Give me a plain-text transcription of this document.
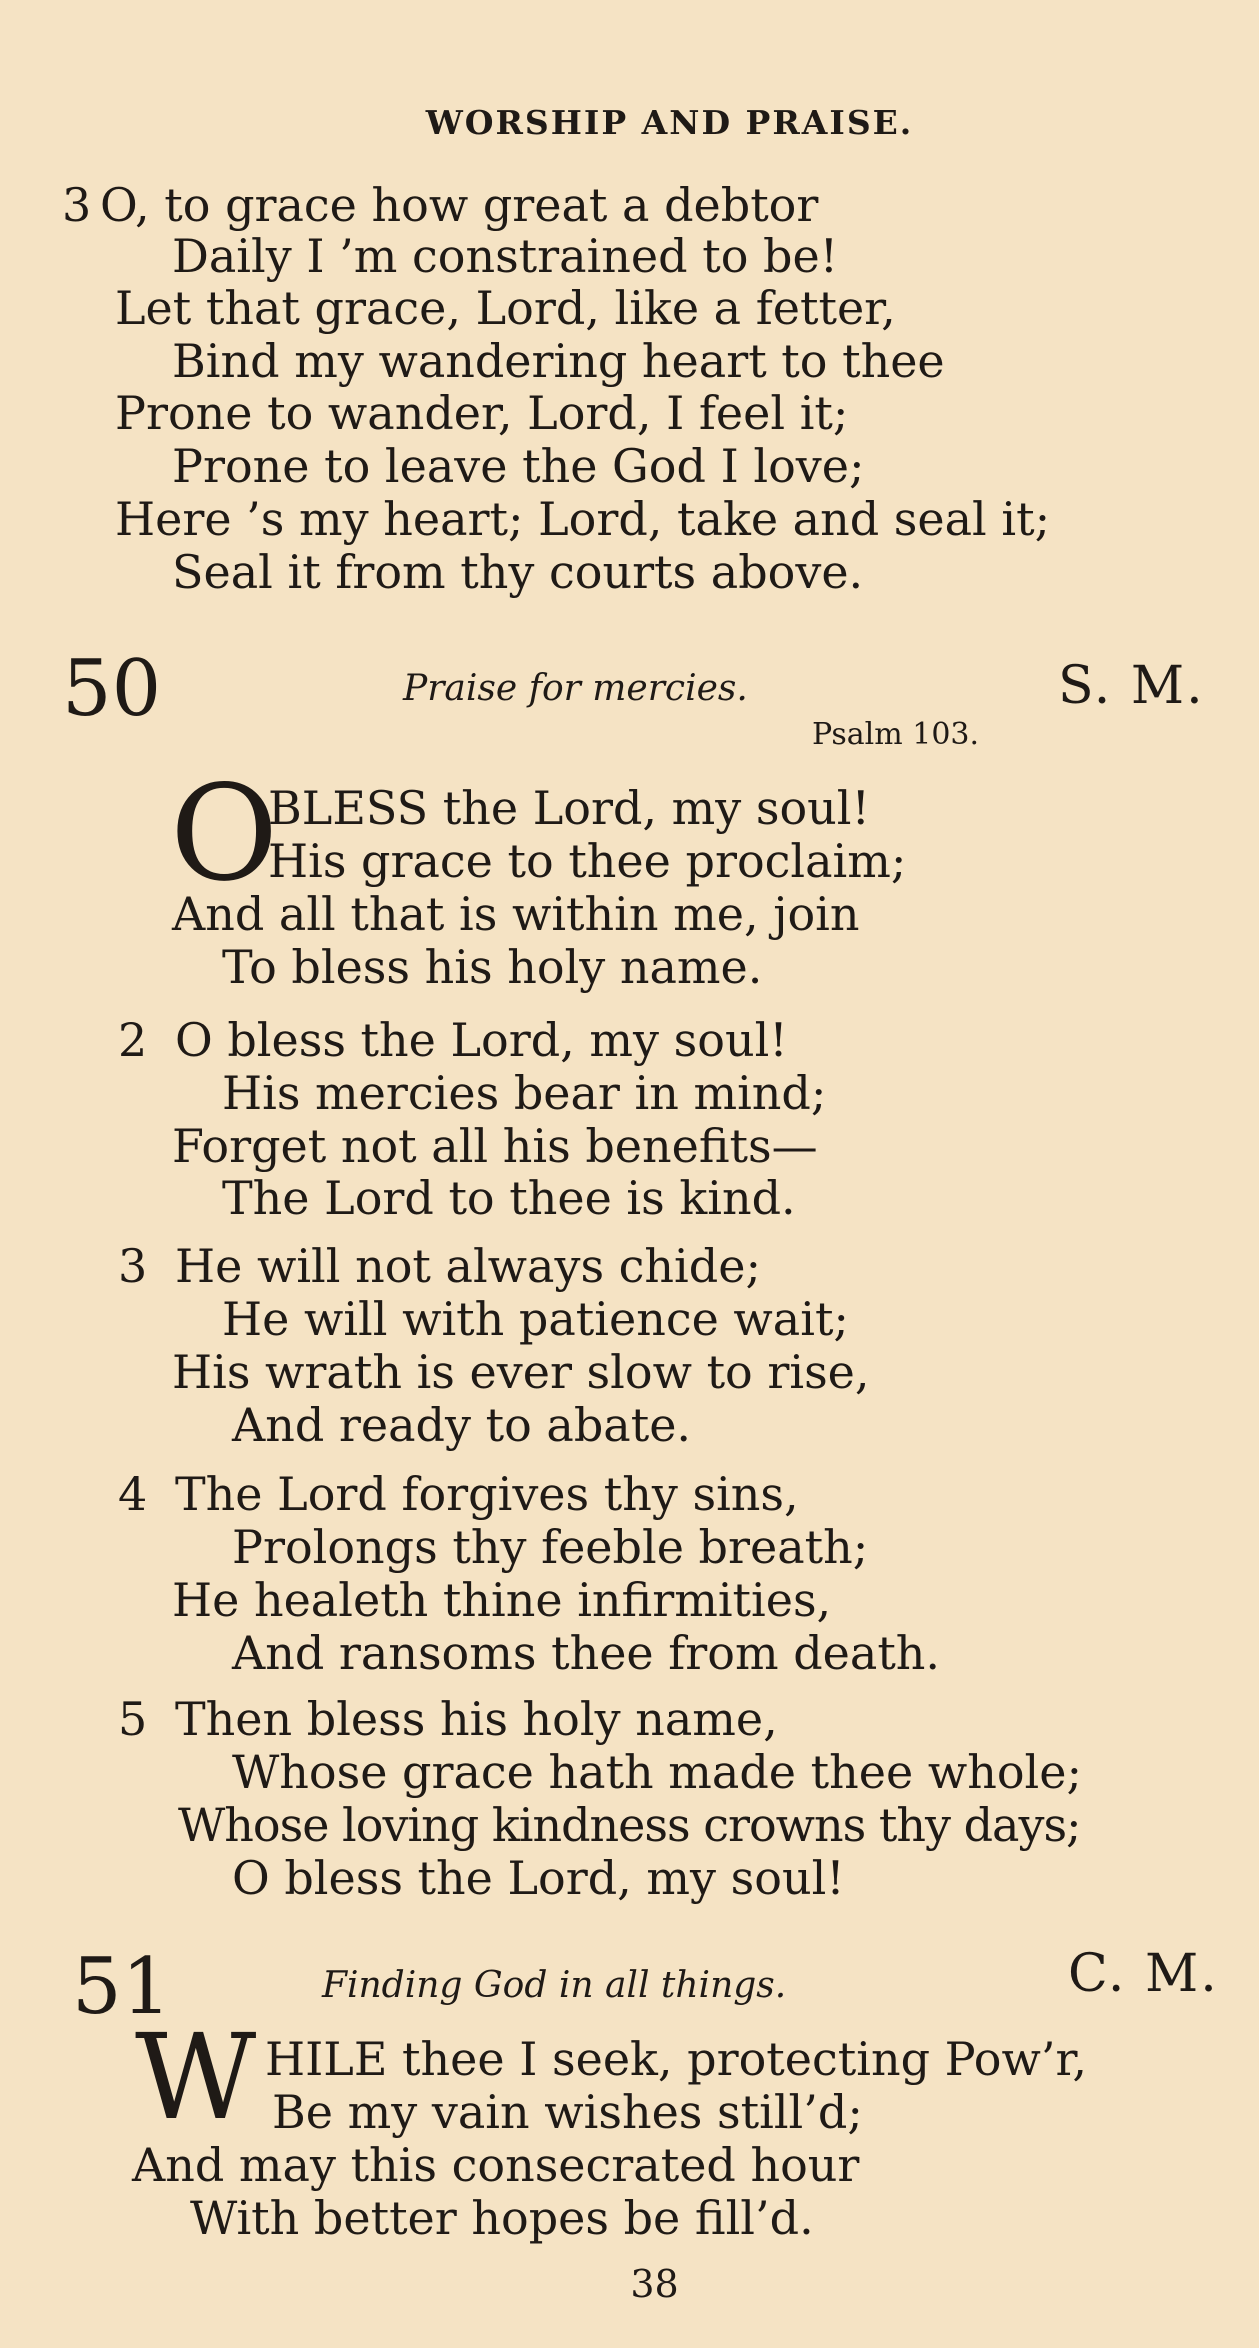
WORSHIP AND PRAISE.
3 O, to grace how great a debtor
Daily I ’m constrained to be!
Let that grace, Lord, like a fetter,
Bind my wandering heart to thee
Prone to wander, Lord, I feel it;
Prone to leave the God I love;
Here ’s my heart; Lord, take and seal it;
Seal it from thy courts above.
50	Praise for mercies.	S. M.
Psalm 103.
O
BLESS the Lord, my soul!
His grace to thee proclaim;
And all that is within me, join
To bless his holy name.
2 O bless the Lord, my soul!
His mercies bear in mind;
Forget not all his benefits—
The Lord to thee is kind.
3 He will not always chide;
He will with patience wait;
His wrath is ever slow to rise,
And ready to abate.
4 The Lord forgives thy sins,
Prolongs thy feeble breath;
He healeth thine infirmities,
And ransoms thee from death.
5 Then bless his holy name,
Whose grace hath made thee whole;
Whose loving kindness crowns thy days;
O bless the Lord, my soul!
51	Finding God in all things.	C. M.
W HILE thee I seek, protecting Pow’r,
Be my vain wishes still’d;
And may this consecrated hour
With better hopes be fill’d.
38
